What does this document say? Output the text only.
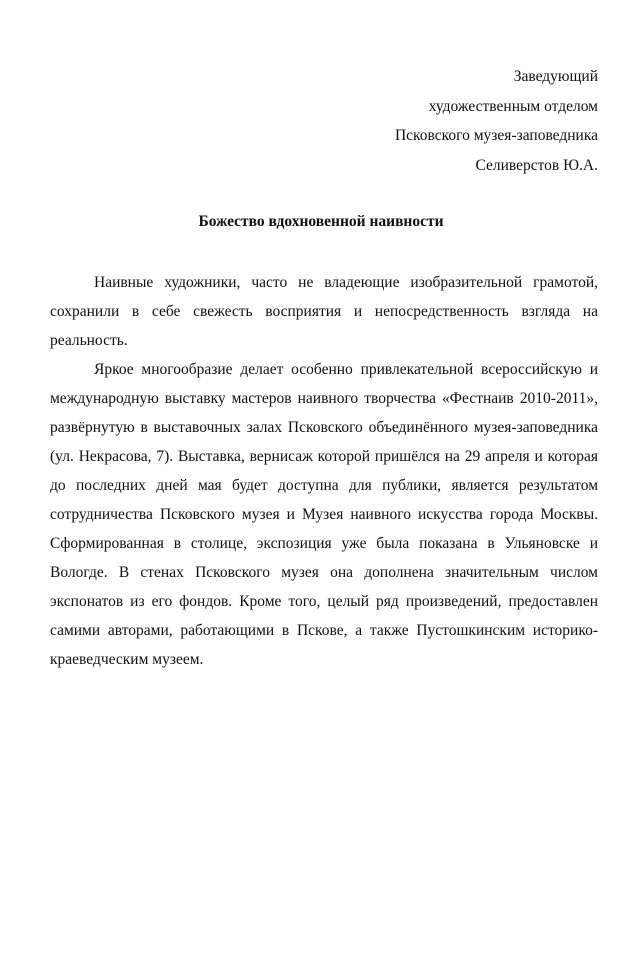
Заведующий
художественным отделом
Псковского музея-заповедника
Селиверстов Ю.А.
Божество вдохновенной наивности

Наивные художники, часто не владеющие изобразительной грамотой, сохранили в себе свежесть восприятия и непосредственность взгляда на реальность.

Яркое многообразие делает особенно привлекательной всероссийскую и международную выставку мастеров наивного творчества «Фестнаив 2010-2011», развёрнутую в выставочных залах Псковского объединённого музея-заповедника (ул. Некрасова, 7). Выставка, вернисаж которой пришёлся на 29 апреля и которая до последних дней мая будет доступна для публики, является результатом сотрудничества Псковского музея и Музея наивного искусства города Москвы. Сформированная в столице, экспозиция уже была показана в Ульяновске и Вологде. В стенах Псковского музея она дополнена значительным числом экспонатов из его фондов. Кроме того, целый ряд произведений, предоставлен самими авторами, работающими в Пскове, а также Пустошкинским историко-краеведческим музеем.
